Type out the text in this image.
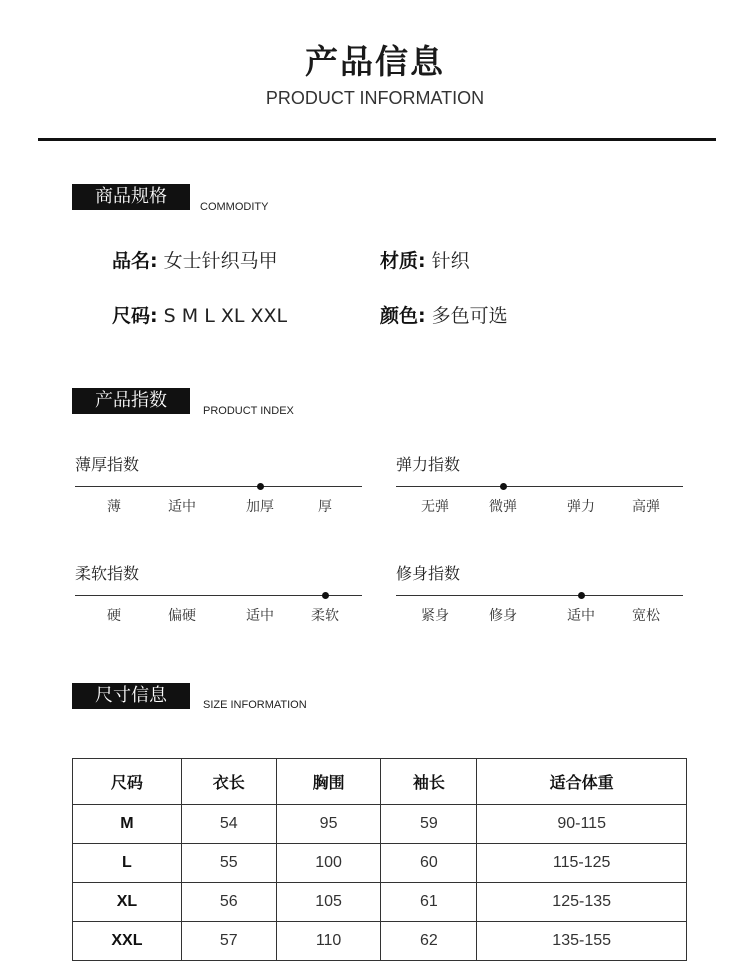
产品信息
PRODUCT INFORMATION
商品规格	COMMODITY
品名: 女士针织马甲	材质: 针织
尺码: S M L XL XXL	颜色: 多色可选
产品指数	PRODUCT INDEX
薄厚指数
薄	适中	加厚	厚
弹力指数
无弹	微弹	弹力	高弹
柔软指数
硬	偏硬	适中	柔软
修身指数
紧身	修身	适中	宽松
尺寸信息	SIZE INFORMATION
尺码	衣长	胸围	袖长	适合体重
M	54	95	59	90-115
L	55	100	60	115-125
XL	56	105	61	125-135
XXL	57	110	62	135-155
